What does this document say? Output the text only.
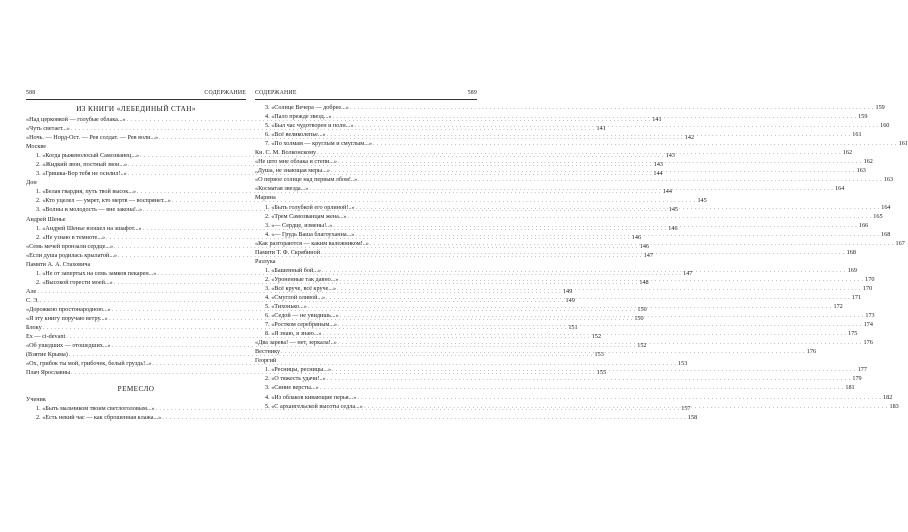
588	СОДЕРЖАНИЕ
ИЗ КНИГИ «ЛЕБЕДИНЫЙ СТАН»
«Над церковкой — голубые облака...» . . .	141
«Чуть светает...» . . .	141
«Ночь. — Норд-Ост. — Рев солдат. — Рев волн...» . . .	142
Москве
1. «Когда рыжеволосый Самозванец...» . . .	143
2. «Жидкий звон, постный звон...» . . .	143
3. «Гришка-Вор тебя не осилил!..» . . .	144
Дон
1. «Белая гвардия, путь твой высок...» . . .	144
2. «Кто уцелел — умрет, кто мертв — воспрянет...» . . .	145
3. «Волны и молодость — вне закона!..» . . .	145
Андрей Шенье
1. «Андрей Шенье взошел на эшафот...» . . .	146
2. «Не узнаю в темноте...» . . .	146
«Семь мечей пронзали сердце...» . . .	146
«Если душа родилась крылатой...» . . .	147
Памяти А. А. Стаховича
1. «Не от запертых на семь замков пекарен...» . . .	147
2. «Высокой горести моей...» . . .	148
Але . . .	149
С. Э. . . .	149
«Дорожкою простонародною...» . . .	150
«Я эту книгу поручаю ветру...» . . .	150
Блоку . . .	151
Ех — ci-devant . . .	152
«Об ушедших — отошедших...» . . .	152
(Взятие Крыма) . . .	153
«Ох, грибок ты мой, грибочек, белый груздь!..» . . .	153
Плач Ярославны . . .	155
РЕМЕСЛО
Ученик
1. «Быть мальчиком твоим светлоголовым...» . . .	157
2. «Есть некий час — как сброшенная клажа...» . . .	158
СОДЕРЖАНИЕ	589
3. «Солнце Вечера — добрее...» . . .	159
4. «Пало прежде звезд...» . . .	159
5. «Был час чудотворен и полн...» . . .	160
6. «Всё великолепье...» . . .	161
7. «По холмам — круглым и смуглым...» . . .	161
Кн. С. М. Волконскому . . .	162
«Не што мне облака и степи...» . . .	162
„Душа, не знающая меры...» . . .	163
«О первое солнце над первым лбом!..» . . .	163
«Косматая звезда...» . . .	164
Марина
1. «Быть голубкой его орлиной!..» . . .	164
2. «Трем Самозванцам жена...» . . .	165
3. «— Сердце, измены!..» . . .	166
4. «— Грудь Ваша благоуханна...» . . .	168
«Как разгораются — каким валежником!..» . . .	167
Памяти Т. Ф. Скрябиной . . .	168
Разлука
1. «Башенный бой...» . . .	169
2. «Уроненные так давно...» . . .	170
3. «Всё круче, всё круче...» . . .	170
4. «Смуглой оливой...» . . .	171
5. «Тихонько...» . . .	172
6. «Седой — не увидишь...» . . .	173
7. «Ростком серебряным...» . . .	174
8. «Я знаю, я знаю...» . . .	175
«Два зарева! — нет, зеркала!..» . . .	176
Вестнику . . .	176
Георгий
1. «Ресницы, ресницы...» . . .	177
2. «О тяжесть удачи!..» . . .	179
3. «Синие версты...» . . .	181
4. «Из облаков кивающие перья...» . . .	182
5. «С архангельской высоты седла...» . . .	183
